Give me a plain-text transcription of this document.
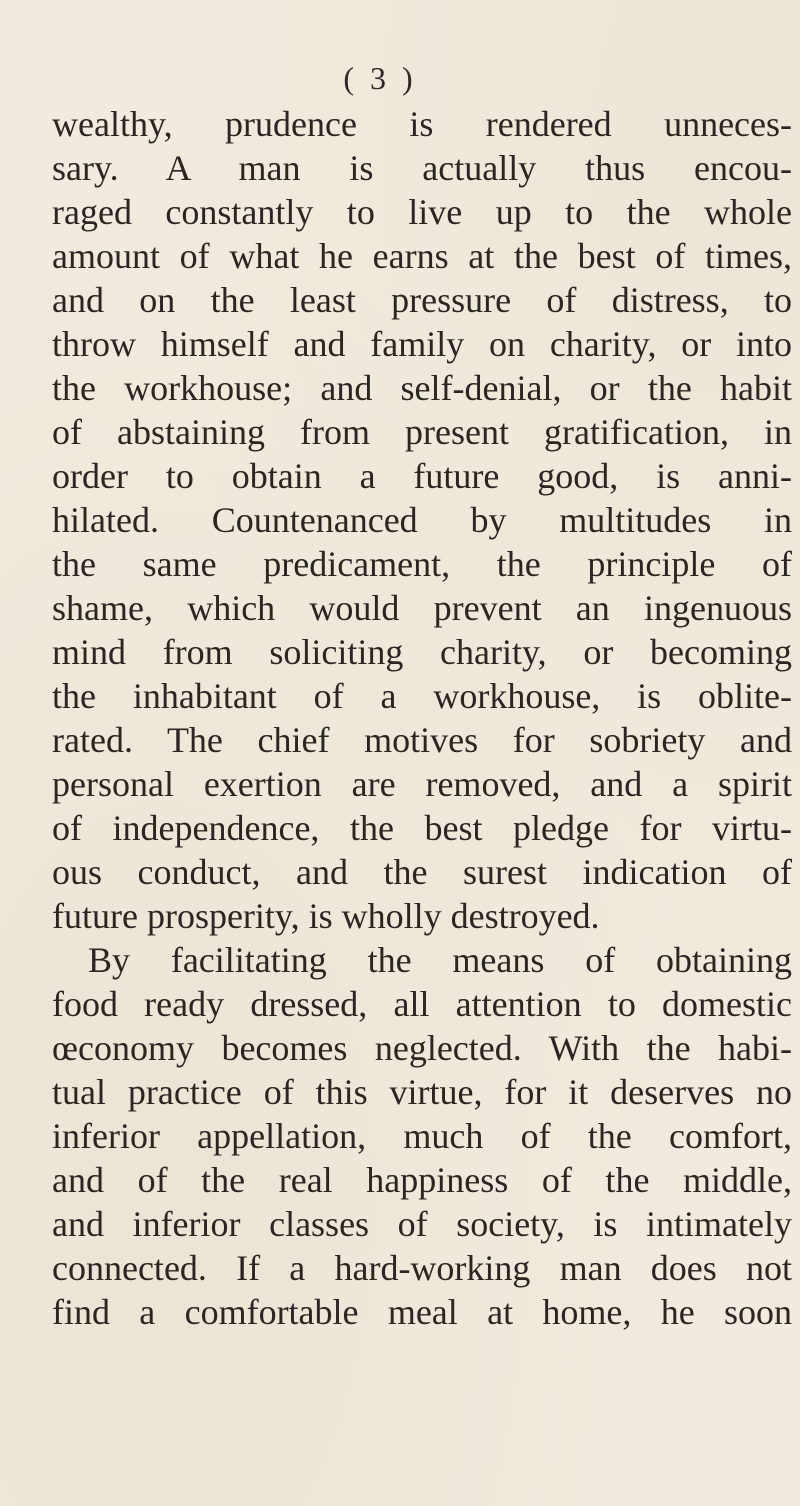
( 3 )
wealthy, prudence is rendered unneces-
sary. A man is actually thus encou-
raged constantly to live up to the whole
amount of what he earns at the best of times,
and on the least pressure of distress, to
throw himself and family on charity, or into
the workhouse; and self-denial, or the habit
of abstaining from present gratification, in
order to obtain a future good, is anni-
hilated. Countenanced by multitudes in
the same predicament, the principle of
shame, which would prevent an ingenuous
mind from soliciting charity, or becoming
the inhabitant of a workhouse, is oblite-
rated. The chief motives for sobriety and
personal exertion are removed, and a spirit
of independence, the best pledge for virtu-
ous conduct, and the surest indication of
future prosperity, is wholly destroyed.
By facilitating the means of obtaining
food ready dressed, all attention to domestic
œconomy becomes neglected. With the habi-
tual practice of this virtue, for it deserves no
inferior appellation, much of the comfort,
and of the real happiness of the middle,
and inferior classes of society, is intimately
connected. If a hard-working man does not
find a comfortable meal at home, he soon
